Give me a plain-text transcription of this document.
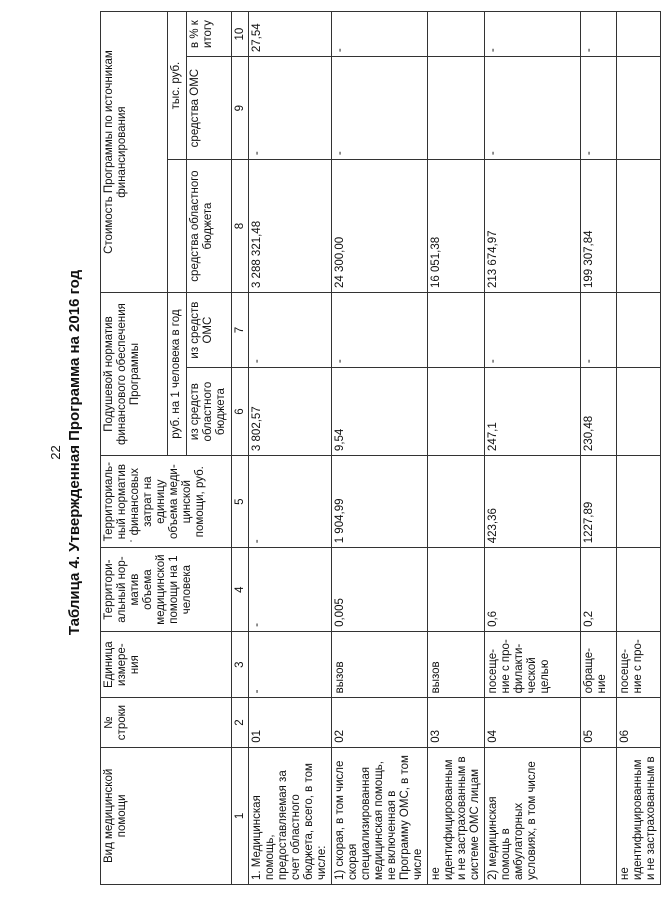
22 Таблица 4. Утвержденная Программа на 2016 год
Вид медицинской помощи	№ строки	Единица измере-ния	Территори-альный нор-матив объема медицинской помощи на 1 человека	Территориаль-ный норматив финансовых затрат на единицу объема меди-цинской помощи, руб.	Подушевой норматив финансового обеспечения Программы		Стоимость Программы по источникам финансирования		
					руб. на 1 человека в год			тыс. руб.	
					из средств областного бюджета	из средств ОМС	средства областного бюджета	средства ОМС	в % к итогу
1	2	3	4	5	6	7	8	9	10
1. Медицинская помощь, предоставляемая за счет областного бюджета, всего, в том числе:	01	-	-	-	3 802,57	-	3 288 321,48	-	27,54
1) скорая, в том числе скорая специализированная медицинская помощь, не включенная в Программу ОМС, в том числе	02	вызов	0,005	1 904,99	9,54	-	24 300,00	-	-
не идентифицированным и не застрахованным в системе ОМС лицам	03	вызов					16 051,38		
2) медицинская помощь в амбулаторных условиях, в том числе	04	посеще-ние с про-филакти-ческой целью	0,6	423,36	247,1	-	213 674,97	-	-
	05	обраще-ние	0,2	1227,89	230,48	-	199 307,84	-	-
не идентифицированным и не застрахованным в	06	посеще-ние с про-							
